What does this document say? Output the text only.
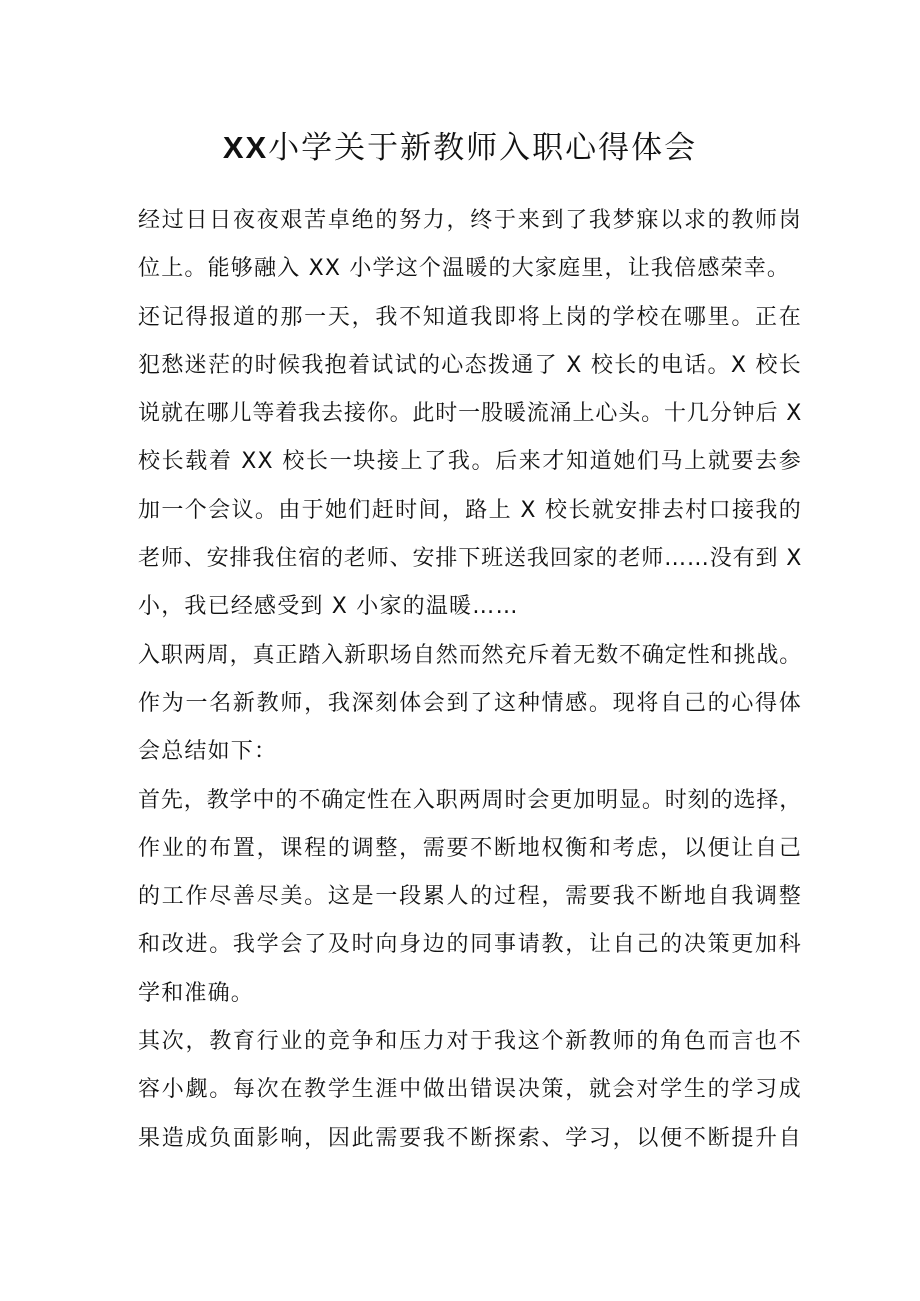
XX小学关于新教师入职心得体会
经过日日夜夜艰苦卓绝的努力，终于来到了我梦寐以求的教师岗
位上。能够融入 XX 小学这个温暖的大家庭里，让我倍感荣幸。
还记得报道的那一天，我不知道我即将上岗的学校在哪里。正在
犯愁迷茫的时候我抱着试试的心态拨通了 X 校长的电话。X 校长
说就在哪儿等着我去接你。此时一股暖流涌上心头。十几分钟后 X
校长载着 XX 校长一块接上了我。后来才知道她们马上就要去参
加一个会议。由于她们赶时间，路上 X 校长就安排去村口接我的
老师、安排我住宿的老师、安排下班送我回家的老师……没有到 X
小，我已经感受到 X 小家的温暖……
入职两周，真正踏入新职场自然而然充斥着无数不确定性和挑战。
作为一名新教师，我深刻体会到了这种情感。现将自己的心得体
会总结如下：
首先，教学中的不确定性在入职两周时会更加明显。时刻的选择，
作业的布置，课程的调整，需要不断地权衡和考虑，以便让自己
的工作尽善尽美。这是一段累人的过程，需要我不断地自我调整
和改进。我学会了及时向身边的同事请教，让自己的决策更加科
学和准确。
其次，教育行业的竞争和压力对于我这个新教师的角色而言也不
容小觑。每次在教学生涯中做出错误决策，就会对学生的学习成
果造成负面影响，因此需要我不断探索、学习，以便不断提升自
